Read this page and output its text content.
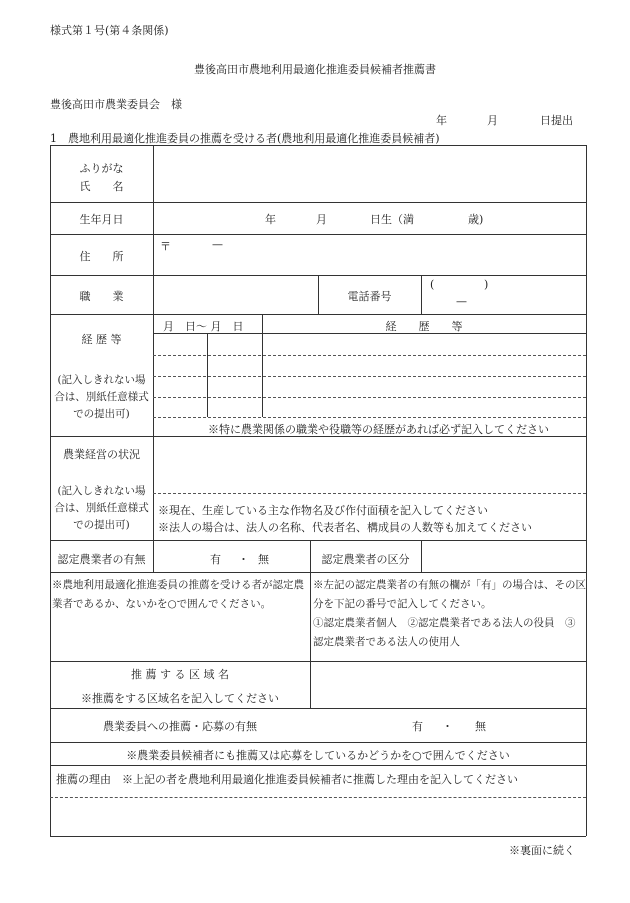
様式第１号(第４条関係)
豊後高田市農地利用最適化推進委員候補者推薦書
豊後高田市農業委員会　様
年	月	日提出
1　農地利用最適化推進委員の推薦を受ける者(農地利用最適化推進委員候補者)
ふりがな
氏　　名
生年月日	年	月	日生（満	歳)
住　　所
〒	—
職　　業	電話番号
(	)
—
経 歴 等
(記入しきれない場
合は、別紙任意様式
での提出可)
月　日〜 月　日	経　　歴　　等
※特に農業関係の職業や役職等の経歴があれば必ず記入してください
農業経営の状況
(記入しきれない場
合は、別紙任意様式
での提出可)
※現在、生産している主な作物名及び作付面積を記入してください
※法人の場合は、法人の名称、代表者名、構成員の人数等も加えてください
認定農業者の有無	有 ・ 無	認定農業者の区分
※農地利用最適化推進委員の推薦を受ける者が認定農
業者であるか、ないかを○で囲んでください。
※左記の認定農業者の有無の欄が「有」の場合は、その区
分を下記の番号で記入してください。
①認定農業者個人　②認定農業者である法人の役員　③
認定農業者である法人の使用人
推 薦 す る 区 域 名
※推薦をする区域名を記入してください
農業委員への推薦・応募の有無	有 ・ 無
※農業委員候補者にも推薦又は応募をしているかどうかを○で囲んでください
推薦の理由　※上記の者を農地利用最適化推進委員候補者に推薦した理由を記入してください
※裏面に続く
